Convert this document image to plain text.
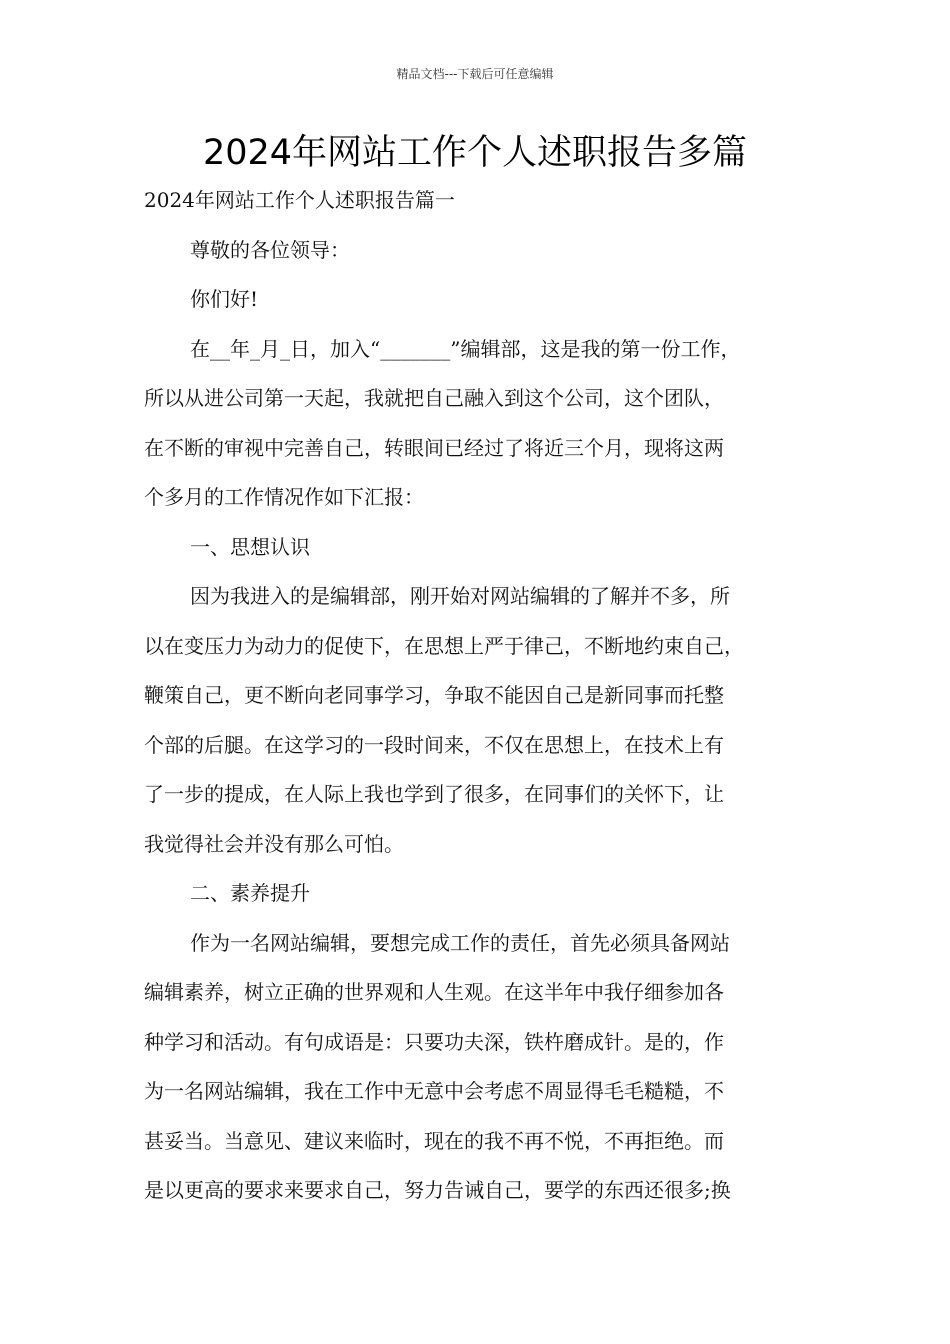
精品文档---下载后可任意编辑
2024年网站工作个人述职报告多篇

2024年网站工作个人述职报告篇一

尊敬的各位领导：

你们好!

在__年_月_日，加入“_______”编辑部，这是我的第一份工作，
所以从进公司第一天起，我就把自己融入到这个公司，这个团队，
在不断的审视中完善自己，转眼间已经过了将近三个月，现将这两
个多月的工作情况作如下汇报：

一、思想认识

因为我进入的是编辑部，刚开始对网站编辑的了解并不多，所
以在变压力为动力的促使下，在思想上严于律己，不断地约束自己，
鞭策自己，更不断向老同事学习，争取不能因自己是新同事而托整
个部的后腿。在这学习的一段时间来，不仅在思想上，在技术上有
了一步的提成，在人际上我也学到了很多，在同事们的关怀下，让
我觉得社会并没有那么可怕。

二、素养提升

作为一名网站编辑，要想完成工作的责任，首先必须具备网站
编辑素养，树立正确的世界观和人生观。在这半年中我仔细参加各
种学习和活动。有句成语是：只要功夫深，铁杵磨成针。是的，作
为一名网站编辑，我在工作中无意中会考虑不周显得毛毛糙糙，不
甚妥当。当意见、建议来临时，现在的我不再不悦，不再拒绝。而
是以更高的要求来要求自己，努力告诫自己，要学的东西还很多;换
